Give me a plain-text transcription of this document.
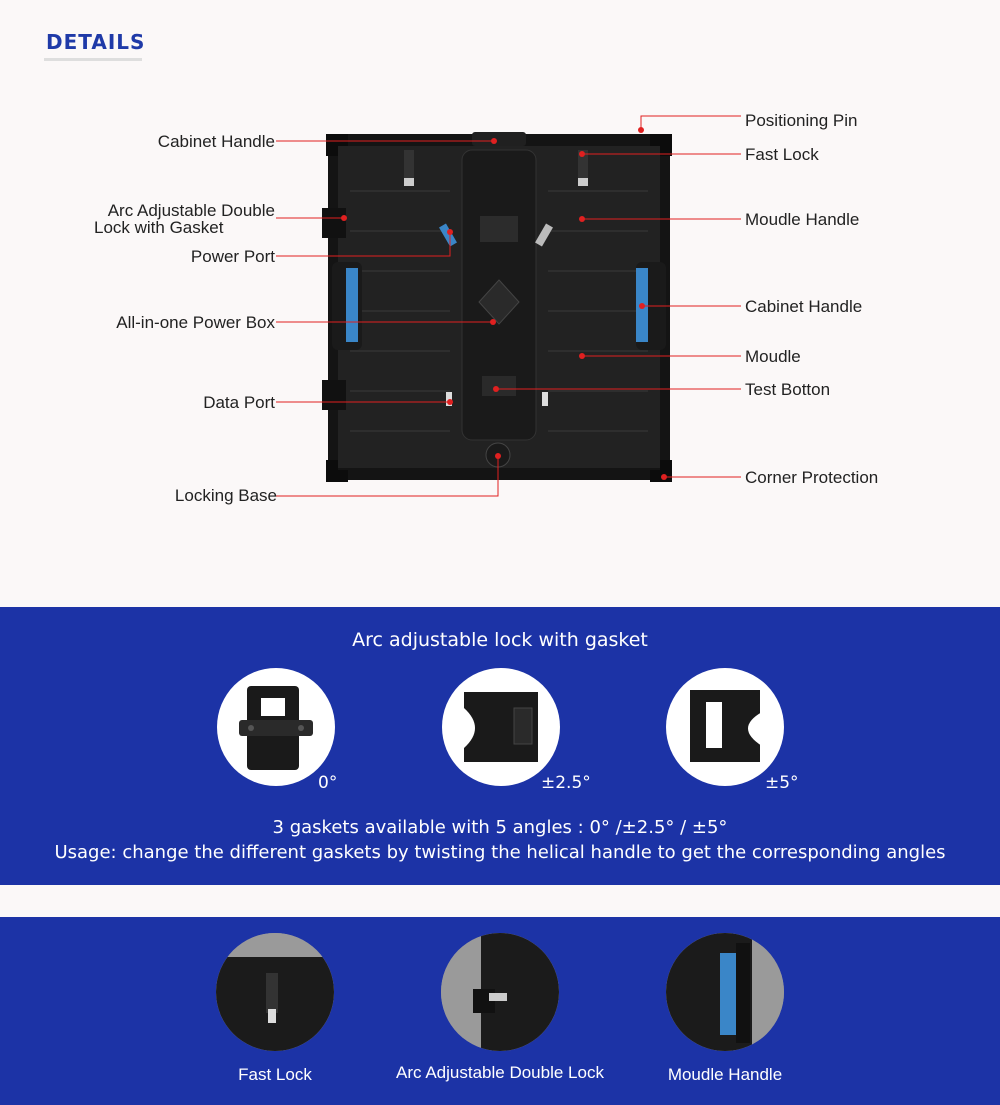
DETAILS
Cabinet Handle
Arc Adjustable Double
Lock with Gasket
Power Port
All-in-one Power Box
Data Port
Locking Base
Positioning Pin
Fast Lock
Moudle Handle
Cabinet Handle
Moudle
Test Botton
Corner Protection
Arc adjustable lock with gasket
0°	±2.5°	±5°
3 gaskets available with 5 angles : 0° /±2.5° / ±5°
Usage: change the different gaskets by twisting the helical handle to get the corresponding angles
Fast Lock	Arc Adjustable Double Lock	Moudle Handle
